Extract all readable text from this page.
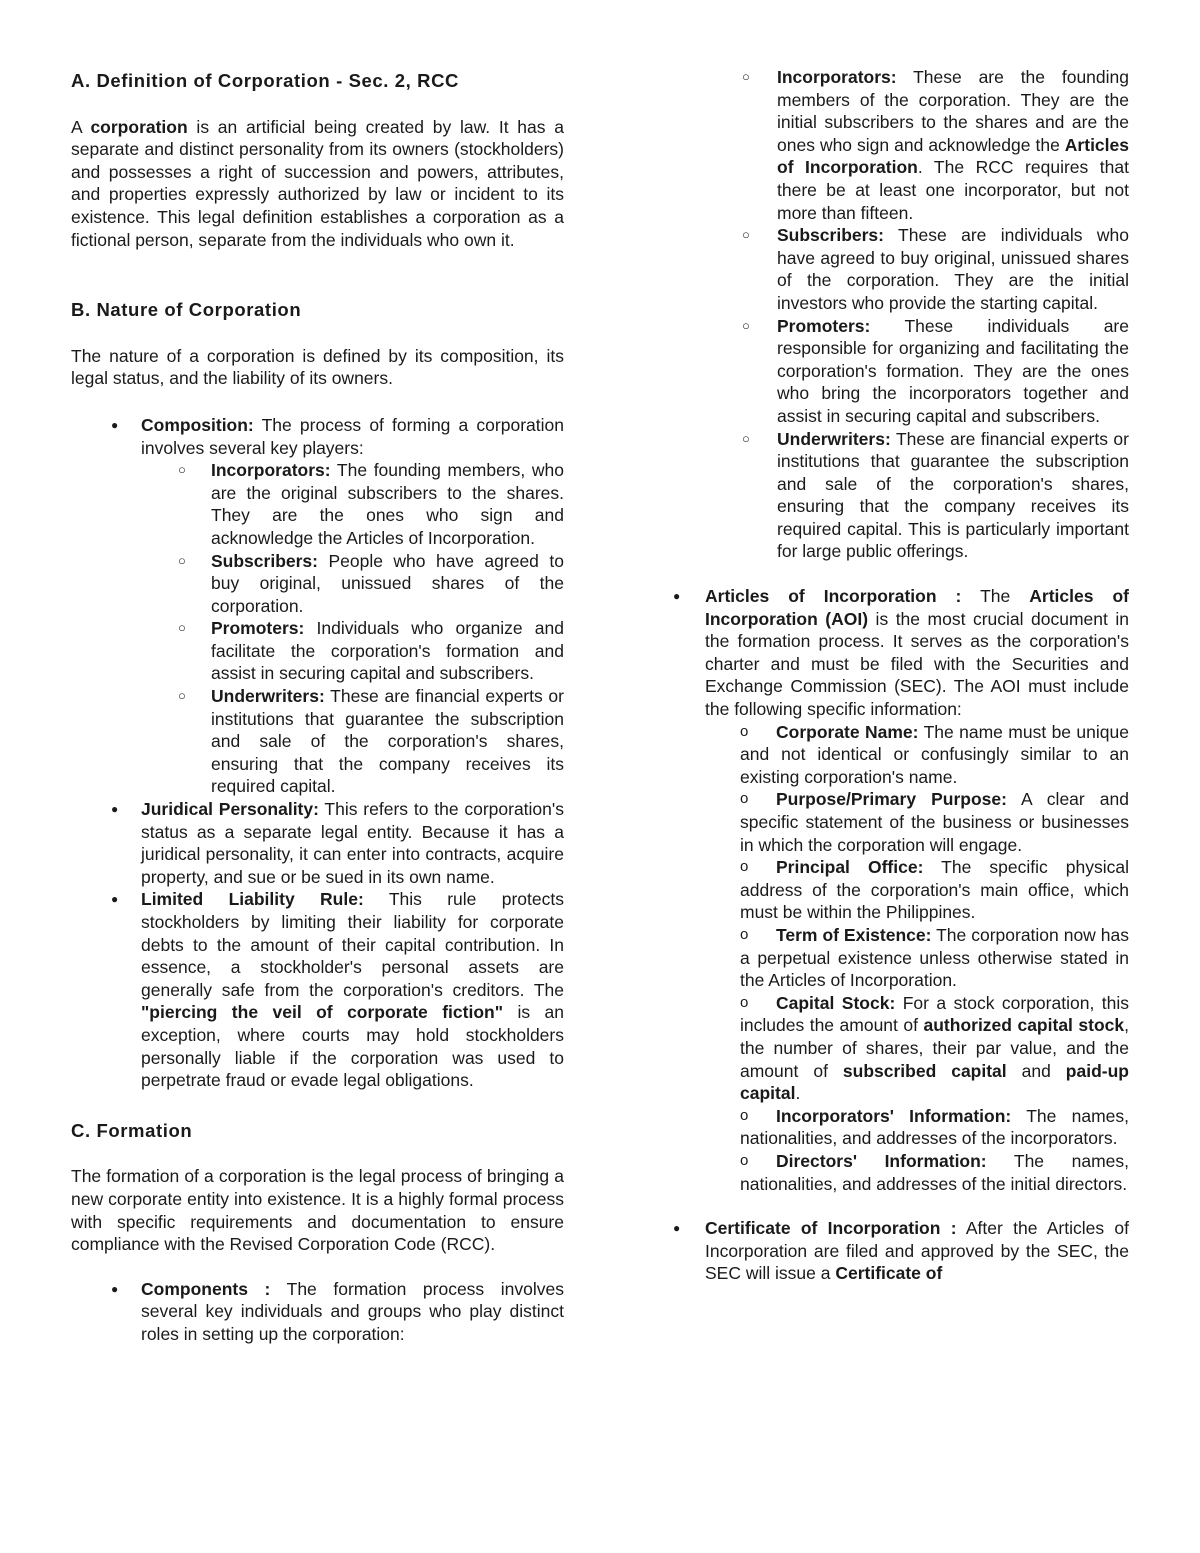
A. Definition of Corporation - Sec. 2, RCC

A corporation is an artificial being created by law. It has a separate and distinct personality from its owners (stockholders) and possesses a right of succession and powers, attributes, and properties expressly authorized by law or incident to its existence. This legal definition establishes a corporation as a fictional person, separate from the individuals who own it.

B. Nature of Corporation

The nature of a corporation is defined by its composition, its legal status, and the liability of its owners.

● Composition: The process of forming a corporation involves several key players:
○ Incorporators: The founding members, who are the original subscribers to the shares. They are the ones who sign and acknowledge the Articles of Incorporation.
○ Subscribers: People who have agreed to buy original, unissued shares of the corporation.
○ Promoters: Individuals who organize and facilitate the corporation's formation and assist in securing capital and subscribers.
○ Underwriters: These are financial experts or institutions that guarantee the subscription and sale of the corporation's shares, ensuring that the company receives its required capital.
● Juridical Personality: This refers to the corporation's status as a separate legal entity. Because it has a juridical personality, it can enter into contracts, acquire property, and sue or be sued in its own name.
● Limited Liability Rule: This rule protects stockholders by limiting their liability for corporate debts to the amount of their capital contribution. In essence, a stockholder's personal assets are generally safe from the corporation's creditors. The "piercing the veil of corporate fiction" is an exception, where courts may hold stockholders personally liable if the corporation was used to perpetrate fraud or evade legal obligations.
C. Formation

The formation of a corporation is the legal process of bringing a new corporate entity into existence. It is a highly formal process with specific requirements and documentation to ensure compliance with the Revised Corporation Code (RCC).

● Components : The formation process involves several key individuals and groups who play distinct roles in setting up the corporation:
○ Incorporators: These are the founding members of the corporation. They are the initial subscribers to the shares and are the ones who sign and acknowledge the Articles of Incorporation. The RCC requires that there be at least one incorporator, but not more than fifteen.
○ Subscribers: These are individuals who have agreed to buy original, unissued shares of the corporation. They are the initial investors who provide the starting capital.
○ Promoters: These individuals are responsible for organizing and facilitating the corporation's formation. They are the ones who bring the incorporators together and assist in securing capital and subscribers.
○ Underwriters: These are financial experts or institutions that guarantee the subscription and sale of the corporation's shares, ensuring that the company receives its required capital. This is particularly important for large public offerings.
● Articles of Incorporation : The Articles of Incorporation (AOI) is the most crucial document in the formation process. It serves as the corporation's charter and must be filed with the Securities and Exchange Commission (SEC). The AOI must include the following specific information:
o Corporate Name: The name must be unique and not identical or confusingly similar to an existing corporation's name.
o Purpose/Primary Purpose: A clear and specific statement of the business or businesses in which the corporation will engage.
o Principal Office: The specific physical address of the corporation's main office, which must be within the Philippines.
o Term of Existence: The corporation now has a perpetual existence unless otherwise stated in the Articles of Incorporation.
o Capital Stock: For a stock corporation, this includes the amount of authorized capital stock, the number of shares, their par value, and the amount of subscribed capital and paid-up capital.
o Incorporators' Information: The names, nationalities, and addresses of the incorporators.
o Directors' Information: The names, nationalities, and addresses of the initial directors.
● Certificate of Incorporation : After the Articles of Incorporation are filed and approved by the SEC, the SEC will issue a Certificate of
